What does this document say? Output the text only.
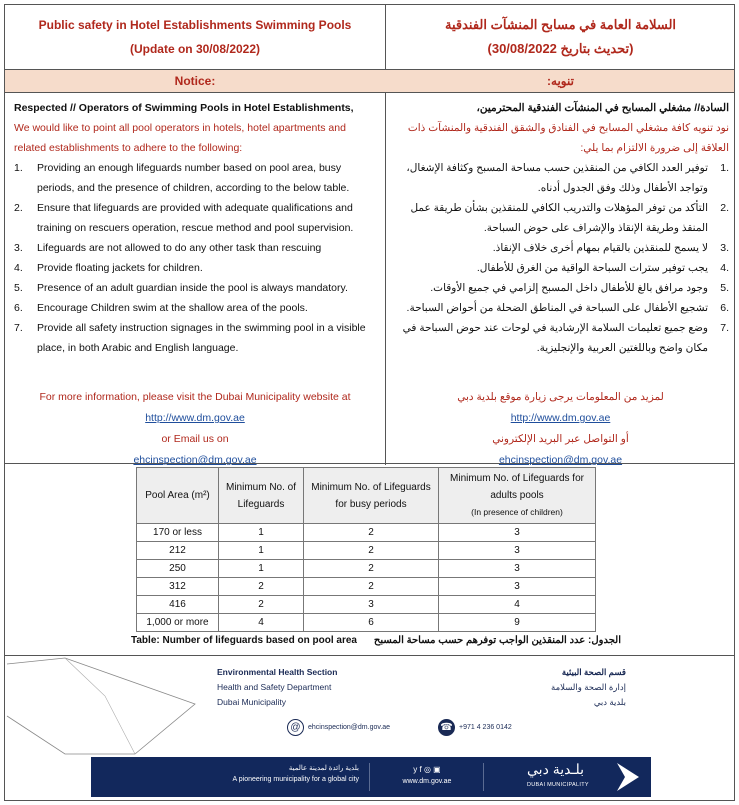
Public safety in Hotel Establishments Swimming Pools
(Update on 30/08/2022)
السلامة العامة في مسابح المنشآت الفندقية
(تحديث بتاريخ 30/08/2022)
Notice:	تنويه:
Respected // Operators of Swimming Pools in Hotel Establishments,
We would like to point all pool operators in hotels, hotel apartments and related establishments to adhere to the following:
1. Providing an enough lifeguards number based on pool area, busy periods, and the presence of children, according to the below table.
2. Ensure that lifeguards are provided with adequate qualifications and training on rescuers operation, rescue method and pool supervision.
3. Lifeguards are not allowed to do any other task than rescuing
4. Provide floating jackets for children.
5. Presence of an adult guardian inside the pool is always mandatory.
6. Encourage Children swim at the shallow area of the pools.
7. Provide all safety instruction signages in the swimming pool in a visible place, in both Arabic and English language.
السادة// مشغلي المسابح في المنشآت الفندقية المحترمين،
نود تنويه كافة مشغلي المسابح في الفنادق والشقق الفندقية والمنشآت ذات العلاقة إلى ضرورة الالتزام بما يلي:
.1
توفير العدد الكافي من المنقذين حسب مساحة المسبح وكثافة الإشغال، وتواجد الأطفال وذلك وفق الجدول أدناه.
.2
التأكد من توفر المؤهلات والتدريب الكافي للمنقذين بشأن طريقة عمل المنقذ وطريقة الإنقاذ والإشراف على حوض السباحة.
.3
لا يسمح للمنقذين بالقيام بمهام أخرى خلاف الإنقاذ.
.4
يجب توفير سترات السباحة الواقية من الغرق للأطفال.
.5
وجود مرافق بالغ للأطفال داخل المسبح إلزامي في جميع الأوقات.
.6
تشجيع الأطفال على السباحة في المناطق الضحلة من أحواض السباحة.
.7
وضع جميع تعليمات السلامة الإرشادية في لوحات عند حوض السباحة في مكان واضح وباللغتين العربية والإنجليزية.
For more information, please visit the Dubai Municipality website at
http://www.dm.gov.ae
or Email us on
ehcinspection@dm.gov.ae
لمزيد من المعلومات يرجى زيارة موقع بلدية دبي
http://www.dm.gov.ae
أو التواصل عبر البريد الإلكتروني
ehcinspection@dm.gov.ae
Pool Area (m²)	Minimum No. of Lifeguards	Minimum No. of Lifeguards for busy periods	Minimum No. of Lifeguards for adults pools
(In presence of children)

170 or less	1	2	3
212	1	2	3
250	1	2	3
312	2	2	3
416	2	3	4
1,000 or more	4	6	9
Table: Number of lifeguards based on pool area الجدول: عدد المنقذين الواجب توفرهم حسب مساحة المسبح
Environmental Health Section
Health and Safety Department
Dubai Municipality
قسم الصحة البيئية
إدارة الصحة والسلامة
بلدية دبي
@	ehcinspection@dm.gov.ae	☎ +971 4 236 0142
بلدية رائدة لمدينة عالمية
A pioneering municipality for a global city
y f ◎ ▣
www.dm.gov.ae
بلـدية دبي
DUBAI MUNICIPALITY
